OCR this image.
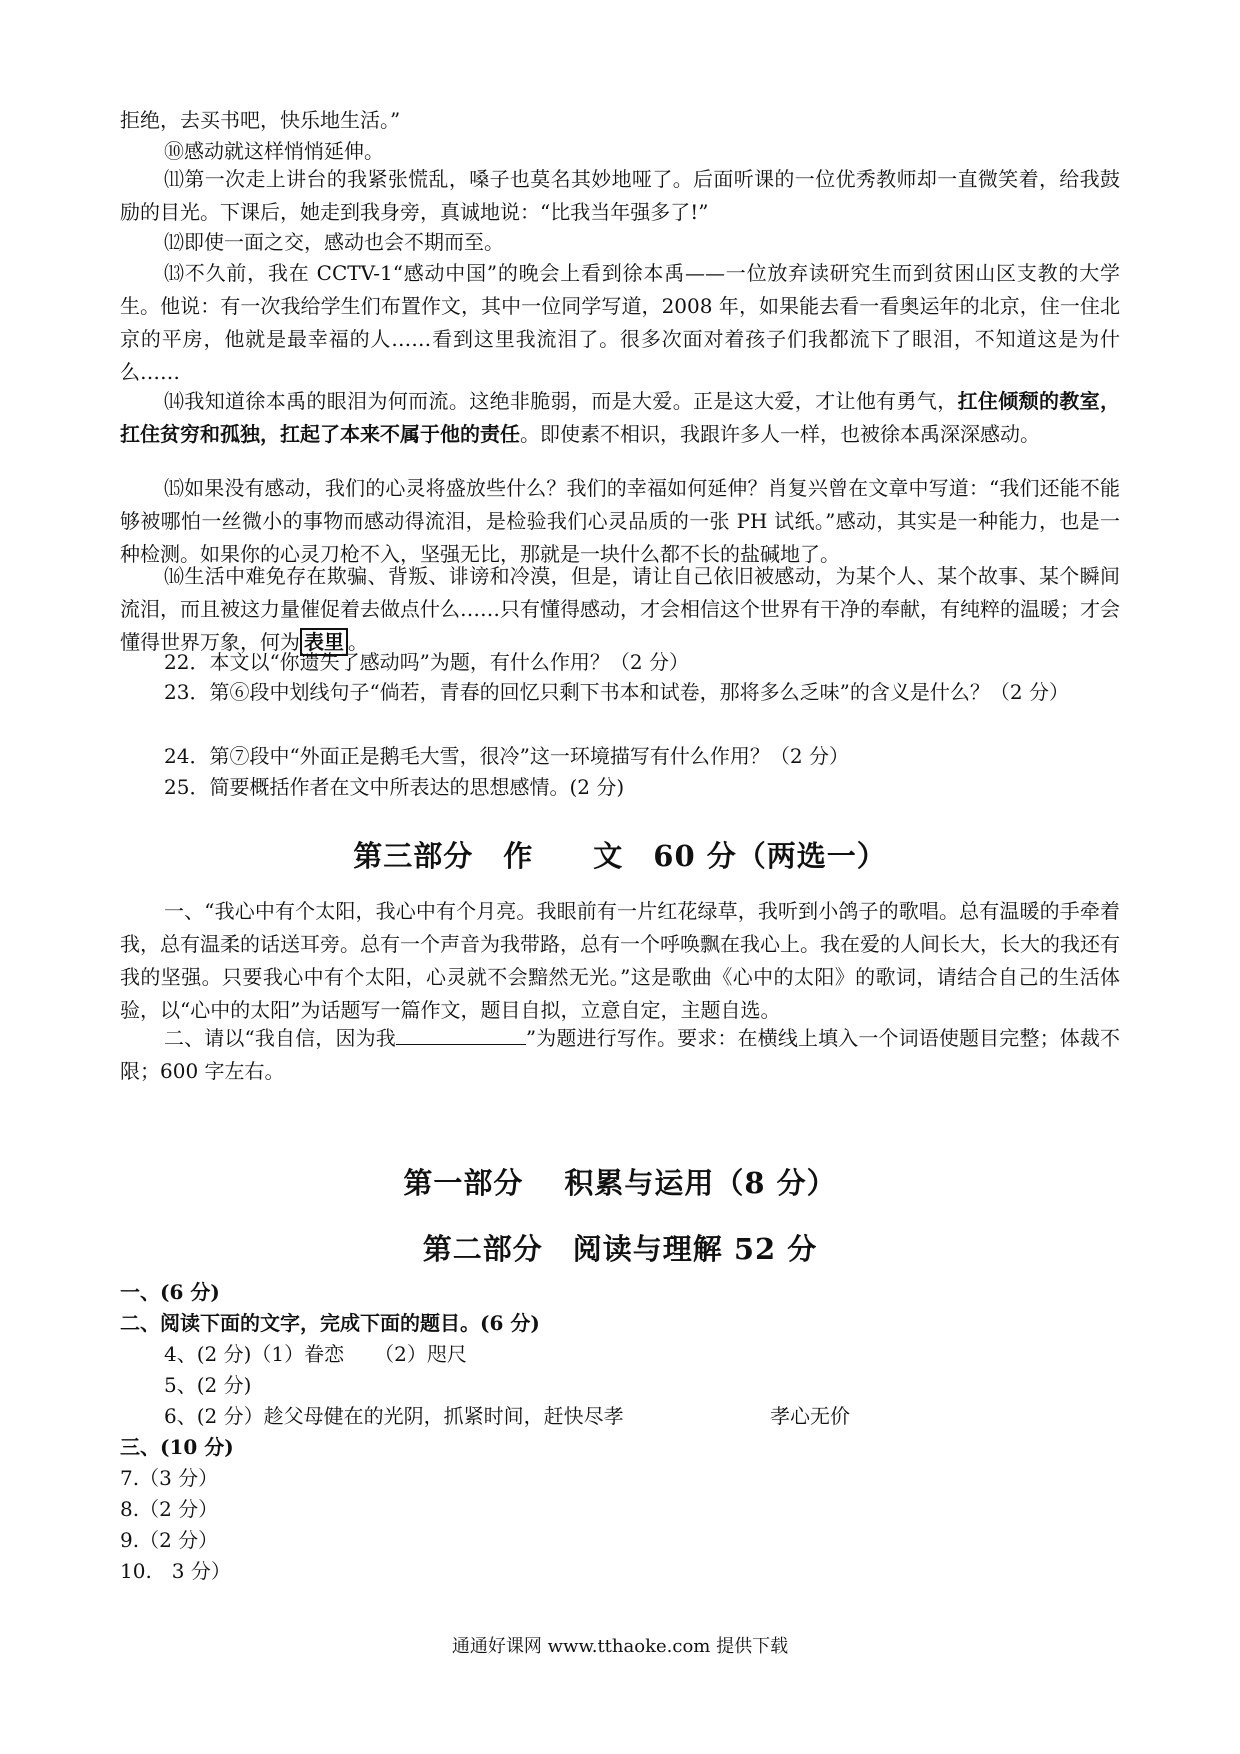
拒绝，去买书吧，快乐地生活。”

⑩感动就这样悄悄延伸。

⑾第一次走上讲台的我紧张慌乱，嗓子也莫名其妙地哑了。后面听课的一位优秀教师却一直微笑着，给我鼓励的目光。下课后，她走到我身旁，真诚地说：“比我当年强多了!”

⑿即使一面之交，感动也会不期而至。

⒀不久前，我在 CCTV-1“感动中国”的晚会上看到徐本禹——一位放弃读研究生而到贫困山区支教的大学生。他说：有一次我给学生们布置作文，其中一位同学写道，2008 年，如果能去看一看奥运年的北京，住一住北京的平房，他就是最幸福的人……看到这里我流泪了。很多次面对着孩子们我都流下了眼泪，不知道这是为什么……

⒁我知道徐本禹的眼泪为何而流。这绝非脆弱，而是大爱。正是这大爱，才让他有勇气，扛住倾颓的教室，扛住贫穷和孤独，扛起了本来不属于他的责任。即使素不相识，我跟许多人一样，也被徐本禹深深感动。

⒂如果没有感动，我们的心灵将盛放些什么？我们的幸福如何延伸？肖复兴曾在文章中写道：“我们还能不能够被哪怕一丝微小的事物而感动得流泪，是检验我们心灵品质的一张 PH 试纸。”感动，其实是一种能力，也是一种检测。如果你的心灵刀枪不入，坚强无比，那就是一块什么都不长的盐碱地了。

⒃生活中难免存在欺骗、背叛、诽谤和冷漠，但是，请让自己依旧被感动，为某个人、某个故事、某个瞬间流泪，而且被这力量催促着去做点什么……只有懂得感动，才会相信这个世界有干净的奉献，有纯粹的温暖；才会懂得世界万象，何为 表里 。

22．本文以“你遗失了感动吗”为题，有什么作用？（2 分）

23．第⑥段中划线句子“倘若，青春的回忆只剩下书本和试卷，那将多么乏味”的含义是什么？（2 分）

24．第⑦段中“外面正是鹅毛大雪，很冷”这一环境描写有什么作用？（2 分）

25．简要概括作者在文中所表达的思想感情。(2 分)

第三部分　作　　文　60 分（两选一）

一、“我心中有个太阳，我心中有个月亮。我眼前有一片红花绿草，我听到小鸽子的歌唱。总有温暖的手牵着我，总有温柔的话送耳旁。总有一个声音为我带路，总有一个呼唤飘在我心上。我在爱的人间长大，长大的我还有我的坚强。只要我心中有个太阳，心灵就不会黯然无光。”这是歌曲《心中的太阳》的歌词，请结合自己的生活体验，以“心中的太阳”为话题写一篇作文，题目自拟，立意自定，主题自选。

二、请以“我自信，因为我	”为题进行写作。要求：在横线上填入一个词语使题目完整；体裁不限；600 字左右。

第一部分　 积累与运用（8 分）

第二部分　阅读与理解 52 分

一、(6 分)

二、阅读下面的文字，完成下面的题目。(6 分)

4、(2 分)（1）眷恋　　（2）咫尺

5、(2 分)

6、(2 分）趁父母健在的光阴，抓紧时间，赶快尽孝	孝心无价

三、(10 分)

7.（3 分）

8.（2 分）

9.（2 分）

10.　3 分）

通通好课网 www.tthaoke.com 提供下载
